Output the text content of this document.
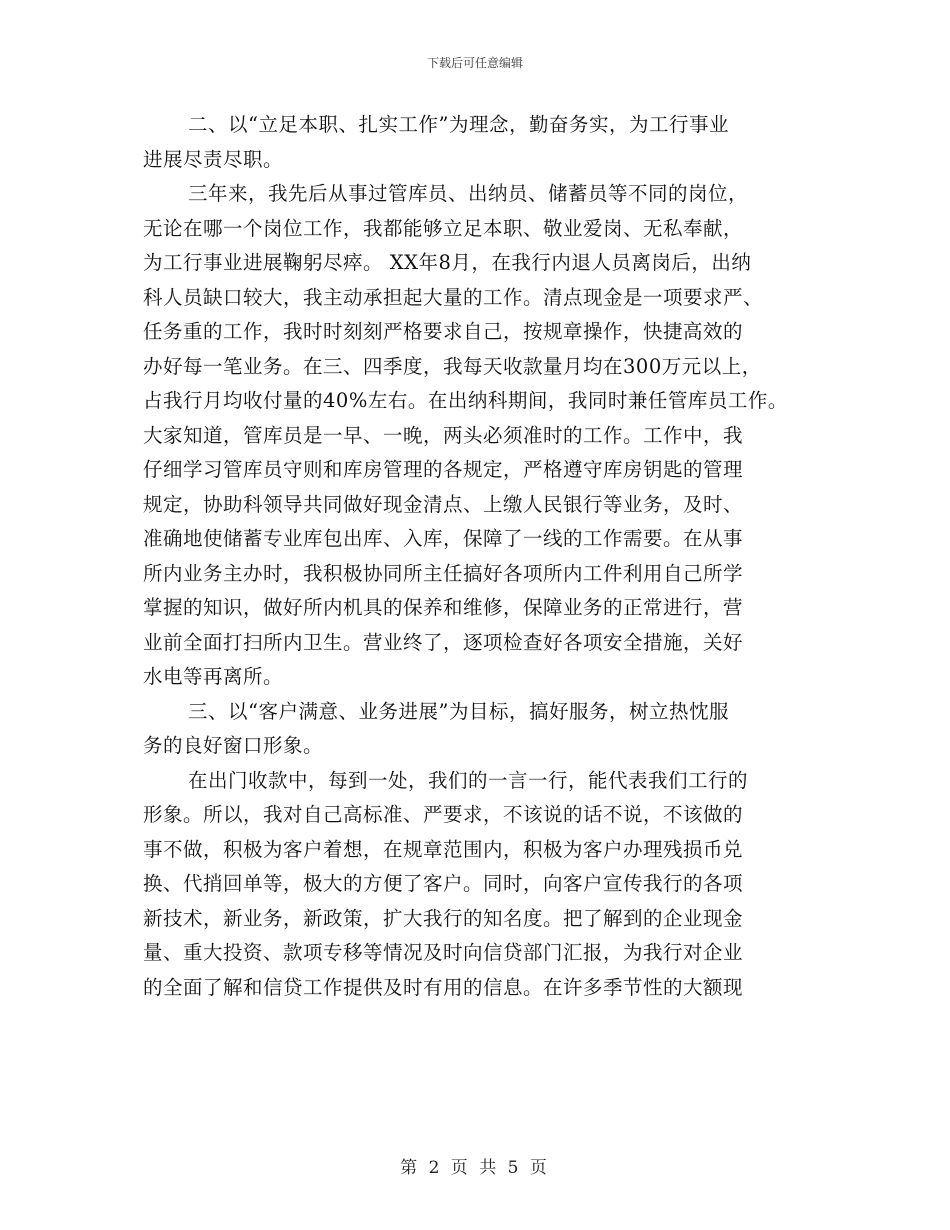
下载后可任意编辑
二、以“立足本职、扎实工作”为理念，勤奋务实，为工行事业
进展尽责尽职。
三年来，我先后从事过管库员、出纳员、储蓄员等不同的岗位，
无论在哪一个岗位工作，我都能够立足本职、敬业爱岗、无私奉献，
为工行事业进展鞠躬尽瘁。 XX年8月，在我行内退人员离岗后，出纳
科人员缺口较大，我主动承担起大量的工作。清点现金是一项要求严、
任务重的工作，我时时刻刻严格要求自己，按规章操作，快捷高效的
办好每一笔业务。在三、四季度，我每天收款量月均在300万元以上，
占我行月均收付量的40%左右。在出纳科期间，我同时兼任管库员工作。
大家知道，管库员是一早、一晚，两头必须准时的工作。工作中，我
仔细学习管库员守则和库房管理的各规定，严格遵守库房钥匙的管理
规定，协助科领导共同做好现金清点、上缴人民银行等业务，及时、
准确地使储蓄专业库包出库、入库，保障了一线的工作需要。在从事
所内业务主办时，我积极协同所主任搞好各项所内工件利用自己所学
掌握的知识，做好所内机具的保养和维修，保障业务的正常进行，营
业前全面打扫所内卫生。营业终了，逐项检查好各项安全措施，关好
水电等再离所。
三、以“客户满意、业务进展”为目标，搞好服务，树立热忱服
务的良好窗口形象。
在出门收款中，每到一处，我们的一言一行，能代表我们工行的
形象。所以，我对自己高标准、严要求，不该说的话不说，不该做的
事不做，积极为客户着想，在规章范围内，积极为客户办理残损币兑
换、代捎回单等，极大的方便了客户。同时，向客户宣传我行的各项
新技术，新业务，新政策，扩大我行的知名度。把了解到的企业现金
量、重大投资、款项专移等情况及时向信贷部门汇报，为我行对企业
的全面了解和信贷工作提供及时有用的信息。在许多季节性的大额现
第 2 页 共 5 页
